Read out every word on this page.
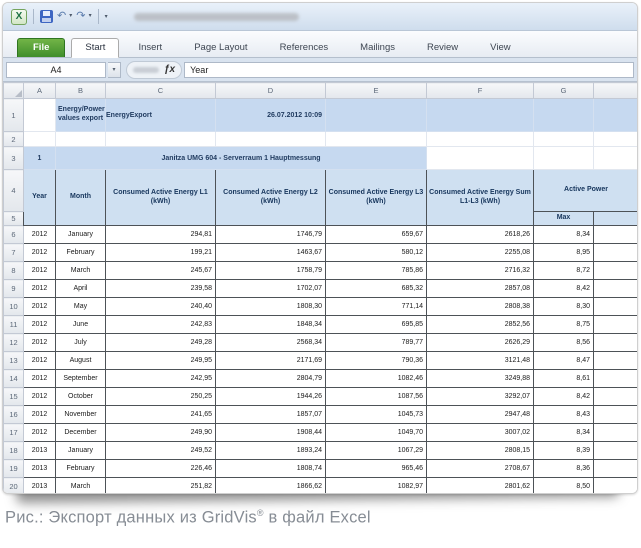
X	↶ ▾ ↷ ▾ ▾
File	Start	Insert	Page Layout	References	Mailings	Review	View
A4	▾	ƒx	Year
	A	B	C	D	E	F	G	
1		Energy/Power values export	EnergyExport	26.07.2012 10:09				
2								
3	1	Janitza UMG 604 - Serverraum 1 Hauptmessung						
4	Year	Month	Consumed Active Energy L1 (kWh)	Consumed Active Energy L2 (kWh)	Consumed Active Energy L3 (kWh)	Consumed Active Energy Sum L1-L3 (kWh)	Active Power	
5							Max	
6	2012	January	294,81	1746,79	659,67	2618,26	8,34	
7	2012	February	199,21	1463,67	580,12	2255,08	8,95	
8	2012	March	245,67	1758,79	785,86	2716,32	8,72	
9	2012	April	239,58	1702,07	685,32	2857,08	8,42	
10	2012	May	240,40	1808,30	771,14	2808,38	8,30	
11	2012	June	242,83	1848,34	695,85	2852,56	8,75	
12	2012	July	249,28	2568,34	789,77	2626,29	8,56	
13	2012	August	249,95	2171,69	790,36	3121,48	8,47	
14	2012	September	242,95	2804,79	1082,46	3249,88	8,61	
15	2012	October	250,25	1944,26	1087,56	3292,07	8,42	
16	2012	November	241,65	1857,07	1045,73	2947,48	8,43	
17	2012	December	249,90	1908,44	1049,70	3007,02	8,34	
18	2013	January	249,52	1893,24	1067,29	2808,15	8,39	
19	2013	February	226,46	1808,74	965,46	2708,67	8,36	
20	2013	March	251,82	1866,62	1082,97	2801,62	8,50	
Рис.: Экспорт данных из GridVis® в файл Excel
